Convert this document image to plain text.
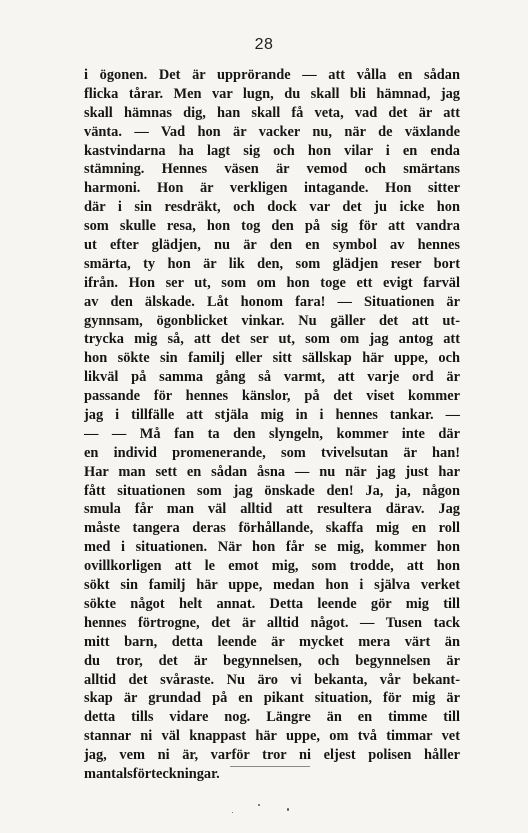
28
i ögonen. Det är upprörande — att vålla en sådan
flicka tårar. Men var lugn, du skall bli hämnad, jag
skall hämnas dig, han skall få veta, vad det är att
vänta. — Vad hon är vacker nu, när de växlande
kastvindarna ha lagt sig och hon vilar i en enda
stämning. Hennes väsen är vemod och smärtans
harmoni. Hon är verkligen intagande. Hon sitter
där i sin resdräkt, och dock var det ju icke hon
som skulle resa, hon tog den på sig för att vandra
ut efter glädjen, nu är den en symbol av hennes
smärta, ty hon är lik den, som glädjen reser bort
ifrån. Hon ser ut, som om hon toge ett evigt farväl
av den älskade. Låt honom fara! — Situationen är
gynnsam, ögonblicket vinkar. Nu gäller det att ut-
trycka mig så, att det ser ut, som om jag antog att
hon sökte sin familj eller sitt sällskap här uppe, och
likväl på samma gång så varmt, att varje ord är
passande för hennes känslor, på det viset kommer
jag i tillfälle att stjäla mig in i hennes tankar. —
— — Må fan ta den slyngeln, kommer inte där
en individ promenerande, som tvivelsutan är han!
Har man sett en sådan åsna — nu när jag just har
fått situationen som jag önskade den! Ja, ja, någon
smula får man väl alltid att resultera därav. Jag
måste tangera deras förhållande, skaffa mig en roll
med i situationen. När hon får se mig, kommer hon
ovillkorligen att le emot mig, som trodde, att hon
sökt sin familj här uppe, medan hon i själva verket
sökte något helt annat. Detta leende gör mig till
hennes förtrogne, det är alltid något. — Tusen tack
mitt barn, detta leende är mycket mera värt än
du tror, det är begynnelsen, och begynnelsen är
alltid det svåraste. Nu äro vi bekanta, vår bekant-
skap är grundad på en pikant situation, för mig är
detta tills vidare nog. Längre än en timme till
stannar ni väl knappast här uppe, om två timmar vet
jag, vem ni är, varför tror ni eljest polisen håller
mantalsförteckningar.
